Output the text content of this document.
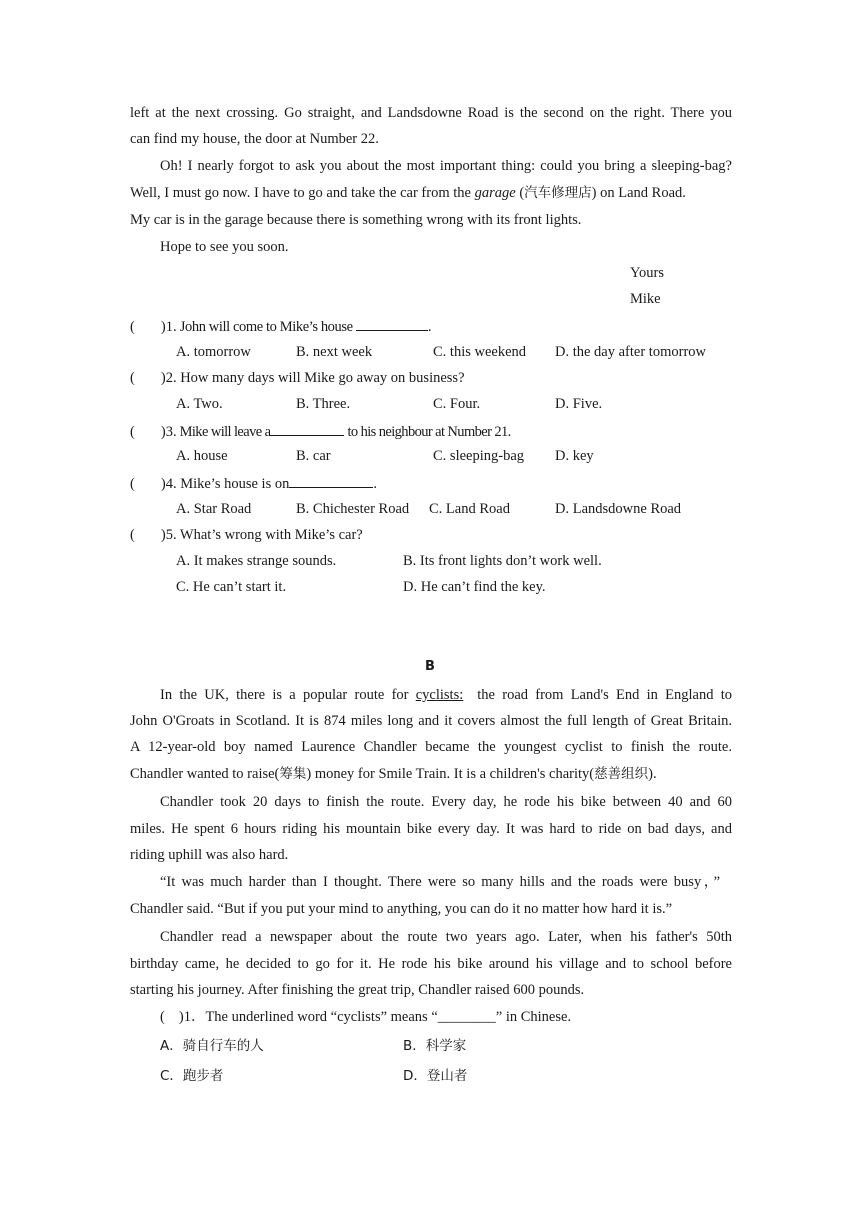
left at the next crossing. Go straight, and Landsdowne Road is the second on the right. There you
can find my house, the door at Number 22.
Oh! I nearly forgot to ask you about the most important thing: could you bring a sleeping-bag?
Well, I must go now. I have to go and take the car from the garage (汽车修理店) on Land Road.
My car is in the garage because there is something wrong with its front lights.
Hope to see you soon.
Yours
Mike
( )1. John will come to Mike’s house	.
A. tomorrow	B. next week	C. this weekend D. the day after tomorrow
( )2. How many days will Mike go away on business?
A. Two.	B. Three.	C. Four.	D. Five.
( )3. Mike will leave a	to his neighbour at Number 21.
A. house	B. car	C. sleeping-bag D. key
( )4. Mike’s house is on	.
A. Star Road	B. Chichester Road C. Land Road	D. Landsdowne Road
( )5. What’s wrong with Mike’s car?
A. It makes strange sounds.	B. Its front lights don’t work well.
C. He can’t start it.	D. He can’t find the key.
B
In the UK, there is a popular route for cyclists: the road from Land's End in England to
John O'Groats in Scotland. It is 874 miles long and it covers almost the full length of Great Britain.
A 12-year-old boy named Laurence Chandler became the youngest cyclist to finish the route.
Chandler wanted to raise(筹集) money for Smile Train. It is a children's charity(慈善组织).
Chandler took 20 days to finish the route. Every day, he rode his bike between 40 and 60
miles. He spent 6 hours riding his mountain bike every day. It was hard to ride on bad days, and
riding uphill was also hard.
“It was much harder than I thought. There were so many hills and the roads were busy，”
Chandler said. “But if you put your mind to anything, you can do it no matter how hard it is.”
Chandler read a newspaper about the route two years ago. Later, when his father's 50th
birthday came, he decided to go for it. He rode his bike around his village and to school before
starting his journey. After finishing the great trip, Chandler raised 600 pounds.
( )1．The underlined word “cyclists” means “________” in Chinese.
A．骑自行车的人	B．科学家
C．跑步者	D．登山者
